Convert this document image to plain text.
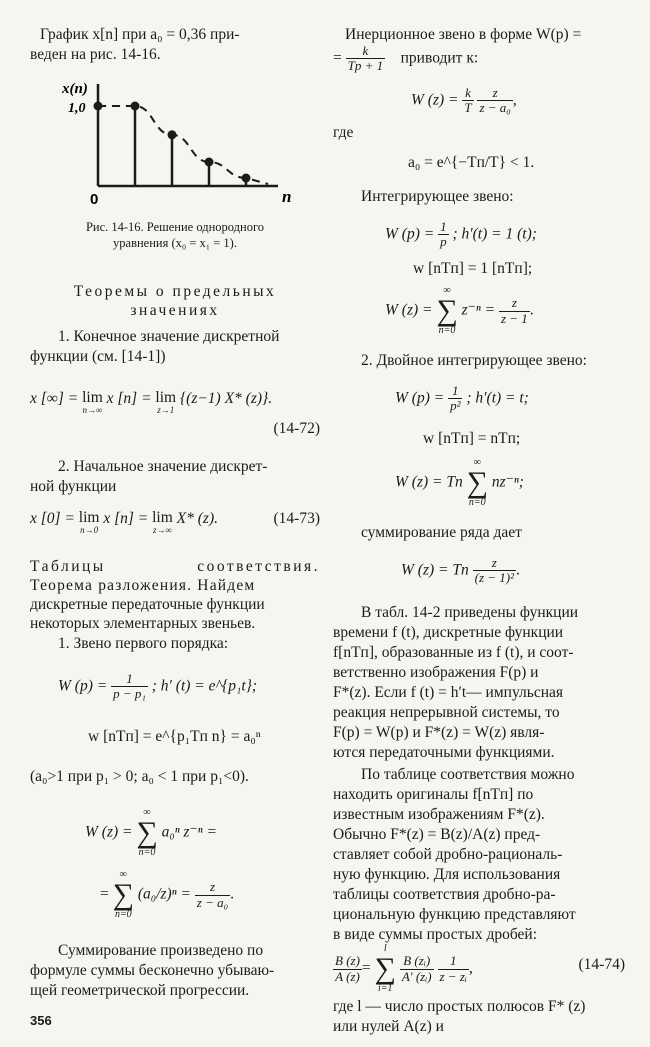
График x[n] при a₀ = 0,36 при-
веден на рис. 14-16.
x(n)
1,0
0	n
Рис. 14-16. Решение однородного
уравнения (x₀ = x₁ = 1).
Теоремы о предельных
значениях
1. Конечное значение дискретной
функции (см. [14-1])
x [∞] = lim
n→∞
x [n] = lim
z→1
{(z−1) X* (z)}.
(14-72)
2. Начальное значение дискрет-
ной функции
x [0] = lim
n→0
x [n] = lim
z→∞
X* (z).	(14-73)
Таблицы соответствия.
Теорема разложения. Найдем
дискретные передаточные функции
некоторых элементарных звеньев.
1. Звено первого порядка:
W $(p) = \frac{1}{\text{p − p₁}}$ ; h′ (t) = e^{p₁t};
w [nTп] = e^{p₁Tп n} = a₀ⁿ
(a₀>1 при p₁ > 0; a₀ < 1 при p₁<0).
W (z) =
∞
∑
n=0
a₀ⁿ z⁻ⁿ =
=
∞
∑
n=0
$(a_0/z)^n = \frac{z}{\text{z − a₀}}$ .
Суммирование произведено по
формуле суммы бесконечно убываю-
щей геометрической прогрессии.
356
Инерционное звено в форме W(p) =
= $\frac{k}{Tp + 1}$ приводит к:
W $(z) = \frac{k}{T}$
$\frac{z}{\text{z − a₀}}$ ,
где
a₀ = e^{−Tп/T} < 1.
Интегрирующее звено:
W $(p) = \frac{1}{p}$ ; h′(t) = 1 (t);
w [nTп] = 1 [nTп];
W (z) =
∞
∑
n=0
$z^{-n} = \frac{z}{z - 1}$ .
2. Двойное интегрирующее звено:
W $(p) = \frac{1}{\text{p²}}$ ; h′(t) = t;
w [nTп] = nTп;
W (z) = Tп
∞
∑
n=0
nz⁻ⁿ;
суммирование ряда дает
W (z) = Tп $\frac{z}{\text{(z − 1)²}}$ .
В табл. 14-2 приведены функции
времени f (t), дискретные функции
f[nTп], образованные из f (t), и соот-
ветственно изображения F(p) и
F*(z). Если f (t) = h′t— импульсная
реакция непрерывной системы, то
F(p) = W(p) и F*(z) = W(z) явля-
ются передаточными функциями.
По таблице соответствия можно
находить оригиналы f[nTп] по
известным изображениям F*(z).
Обычно F*(z) = B(z)/A(z) пред-
ставляет собой дробно-рациональ-
ную функцию. Для использования
таблицы соответствия дробно-ра-
циональную функцию представляют
в виде суммы простых дробей:
$\frac{B (z)}{A (z)}$ =
l
∑
i=1

$\frac{\text{B (zᵢ)}}{\text{A′ (zᵢ)}}$
$\frac{1}{\text{z − zᵢ}}$ ,	(14-74)
где l — число простых полюсов F* (z)
или нулей A(z) и
